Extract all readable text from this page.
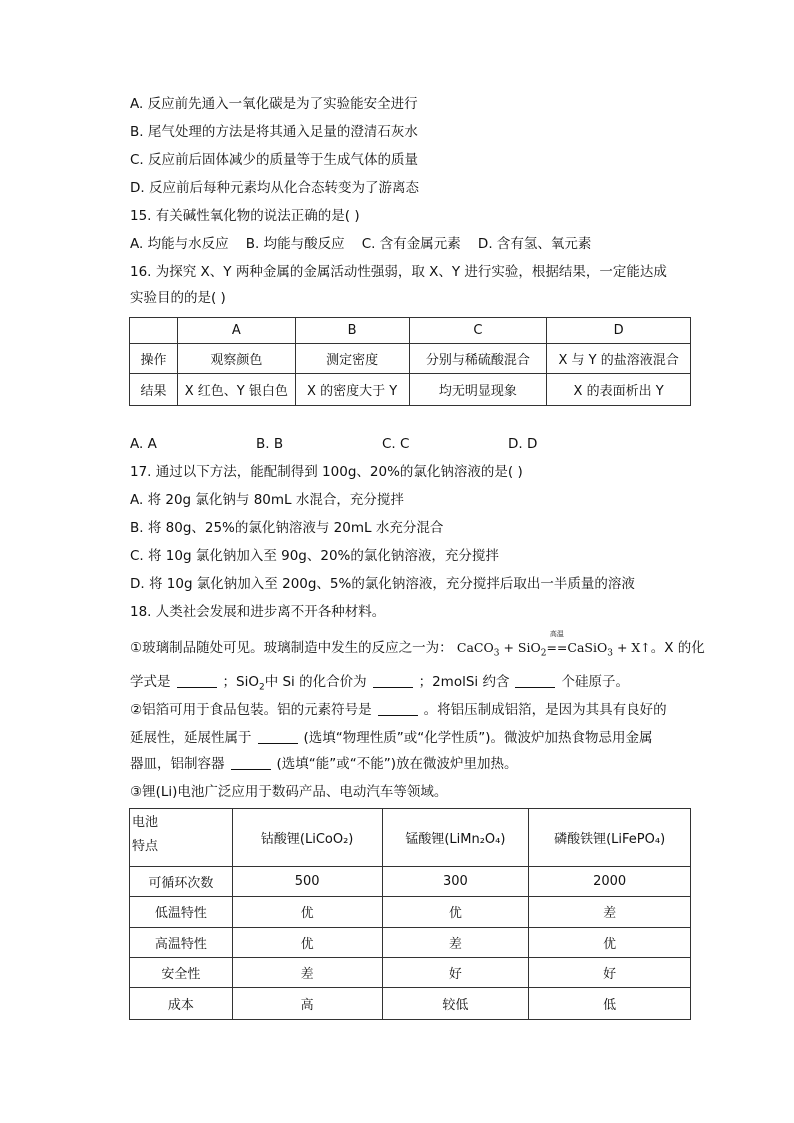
A. 反应前先通入一氧化碳是为了实验能安全进行
B. 尾气处理的方法是将其通入足量的澄清石灰水
C. 反应前后固体减少的质量等于生成气体的质量
D. 反应前后每种元素均从化合态转变为了游离态
15. 有关碱性氧化物的说法正确的是( )
A. 均能与水反应    B. 均能与酸反应    C. 含有金属元素    D. 含有氢、氧元素
16. 为探究 X、Y 两种金属的金属活动性强弱，取 X、Y 进行实验，根据结果，一定能达成
实验目的的是( )
	A	B	C	D
操作	观察颜色	测定密度	分别与稀硫酸混合	X 与 Y 的盐溶液混合
结果	X 红色、Y 银白色	X 的密度大于 Y	均无明显现象	X 的表面析出 Y
A. A	B. B	C. C	D. D
17. 通过以下方法，能配制得到 100g、20%的氯化钠溶液的是( )
A. 将 20g 氯化钠与 80mL 水混合，充分搅拌
B. 将 80g、25%的氯化钠溶液与 20mL 水充分混合
C. 将 10g 氯化钠加入至 90g、20%的氯化钠溶液，充分搅拌
D. 将 10g 氯化钠加入至 200g、5%的氯化钠溶液，充分搅拌后取出一半质量的溶液
18. 人类社会发展和进步离不开各种材料。
①玻璃制品随处可见。玻璃制造中发生的反应之一为： CaCO$_3$ + SiO$_2$
高温
==CaSiO$_3$ + X↑。X 的化
学式是	；SiO$_2$中 Si 的化合价为	；2molSi 约含	个硅原子。
②铝箔可用于食品包装。铝的元素符号是	。将铝压制成铝箔，是因为其具有良好的
延展性，延展性属于	(选填“物理性质”或“化学性质”)。微波炉加热食物忌用金属
器皿，铝制容器	(选填“能”或“不能”)放在微波炉里加热。
③锂(Li)电池广泛应用于数码产品、电动汽车等领域。
电池
特点	钴酸锂(LiCoO₂)	锰酸锂(LiMn₂O₄)	磷酸铁锂(LiFePO₄)
可循环次数	500	300	2000
低温特性	优	优	差
高温特性	优	差	优
安全性	差	好	好
成本	高	较低	低
